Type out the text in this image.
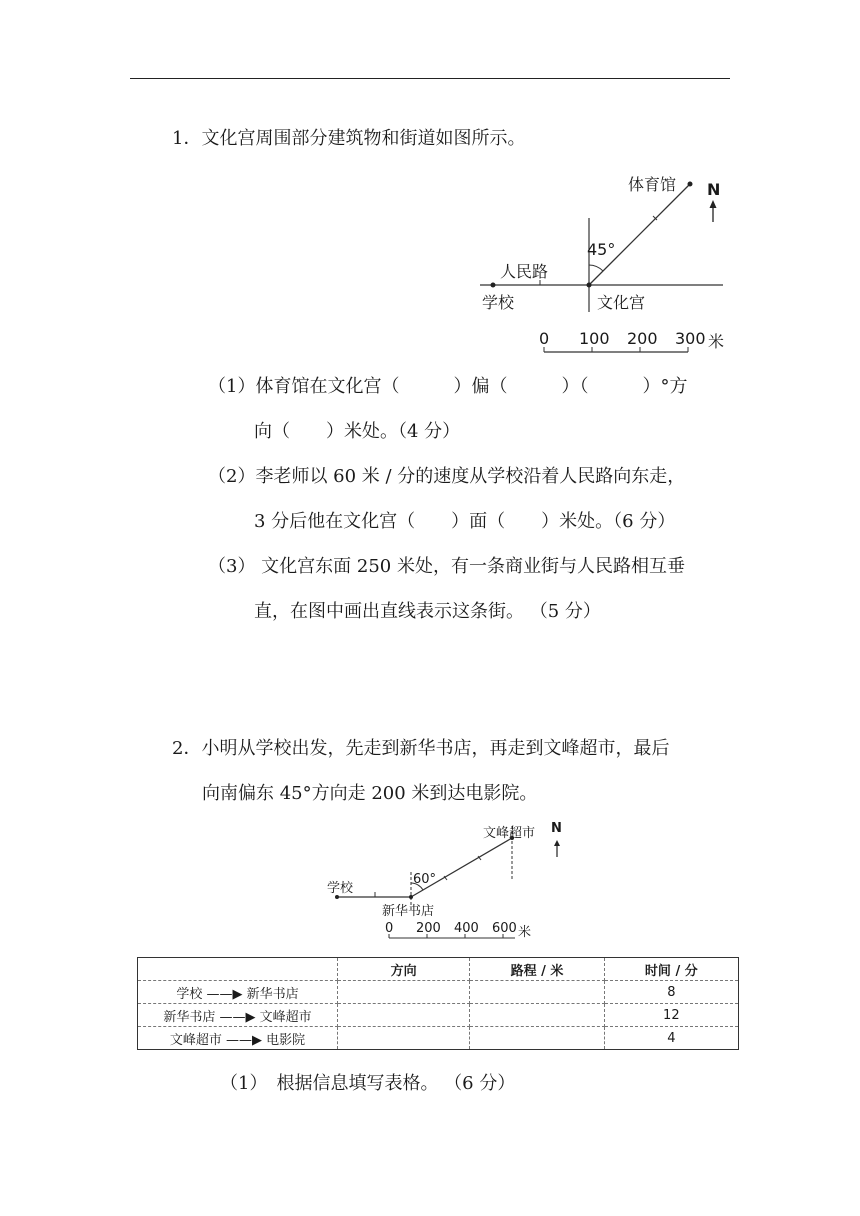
1．文化宫周围部分建筑物和街道如图所示。
体育馆 N
45°
人民路
学校	文化宫
0 100 200 300 米
（1）体育馆在文化宫（　　　）偏（　　　）（　　　）°方
向（　　）米处。（4 分）
（2）李老师以 60 米 / 分的速度从学校沿着人民路向东走，
3 分后他在文化宫（　　）面（　　）米处。（6 分）
（3） 文化宫东面 250 米处，有一条商业街与人民路相互垂
直，在图中画出直线表示这条街。 （5 分）
2．小明从学校出发，先走到新华书店，再走到文峰超市，最后
向南偏东 45°方向走 200 米到达电影院。
文峰超市 N
60°
学校
新华书店
0 200 400 600 米
	方向	路程 / 米	时间 / 分
学校 ——▶ 新华书店			8
新华书店 ——▶ 文峰超市			12
文峰超市 ——▶ 电影院			4
（1）　根据信息填写表格。 （6 分）
